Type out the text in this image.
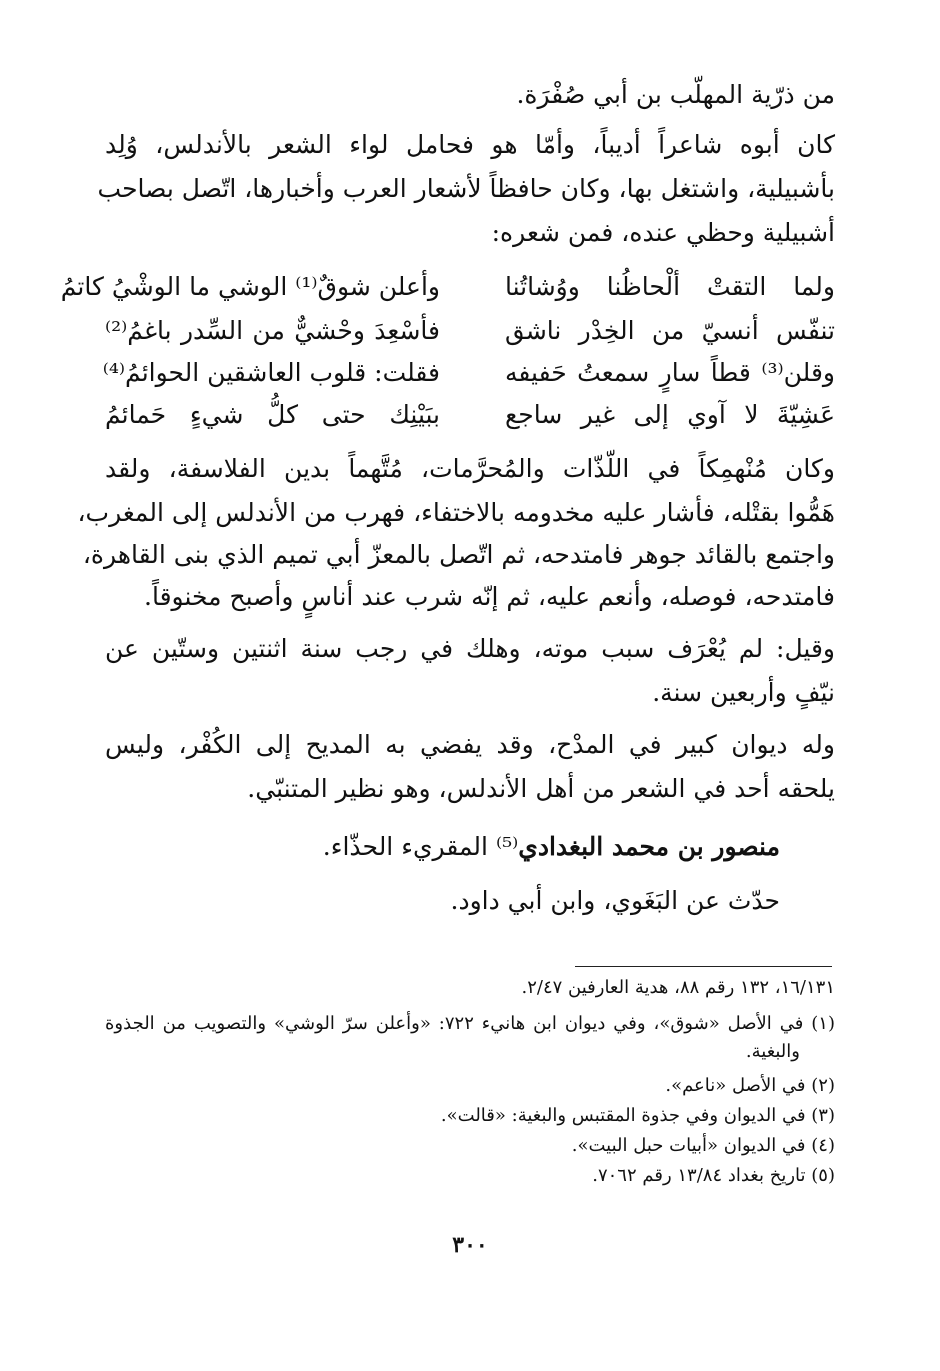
من ذرّية المهلّب بن أبي صُفْرَة.
كان أبوه شاعراً أديباً، وأمّا هو فحامل لواء الشعر بالأندلس، وُلِد
بأشبيلية، واشتغل بها، وكان حافظاً لأشعار العرب وأخبارها، اتّصل بصاحب
أشبيلية وحظي عنده، فمن شعره:
ولما التقتْ ألْحاظُنا ووُشاتُنا
وأعلن شوقٌ⁽¹⁾ الوشي ما الوشْيُ كاتمُ
تنفّس أنسيّ من الخِدْر ناشق
فأسْعِدَ وحْشيٌّ من السِّدر باغمُ⁽²⁾
وقلن⁽³⁾ قطاً سارٍ سمعتُ حَفيفه
فقلت: قلوب العاشقين الحوائمُ⁽⁴⁾
عَشِيّةَ لا آوي إلى غير ساجع
ببَيْنِك حتى كلُّ شيءٍ حَمائمُ
وكان مُنْهمِكاً في اللّذّات والمُحرَّمات، مُتَّهماً بدين الفلاسفة، ولقد
هَمُّوا بقتْله، فأشار عليه مخدومه بالاختفاء، فهرب من الأندلس إلى المغرب،
واجتمع بالقائد جوهر فامتدحه، ثم اتّصل بالمعزّ أبي تميم الذي بنى القاهرة،
فامتدحه، فوصله، وأنعم عليه، ثم إنّه شرب عند أناسٍ وأصبح مخنوقاً.
وقيل: لم يُعْرَف سبب موته، وهلك في رجب سنة اثنتين وستّين عن
نيّفٍ وأربعين سنة.
وله ديوان كبير في المدْح، وقد يفضي به المديح إلى الكُفْر، وليس
يلحقه أحد في الشعر من أهل الأندلس، وهو نظير المتنبّي.
منصور بن محمد البغدادي⁽⁵⁾ المقريء الحذّاء.
حدّث عن البَغَوي، وابن أبي داود.
١٦/١٣١، ١٣٢ رقم ٨٨، هدية العارفين ٢/٤٧.
(١) في الأصل «شوق»، وفي ديوان ابن هانيء ٧٢٢: «وأعلن سرّ الوشي» والتصويب من الجذوة
والبغية.
(٢) في الأصل «ناعم».
(٣) في الديوان وفي جذوة المقتبس والبغية: «قالت».
(٤) في الديوان «أبيات حبل البيت».
(٥) تاريخ بغداد ١٣/٨٤ رقم ٧٠٦٢.
٣٠٠
